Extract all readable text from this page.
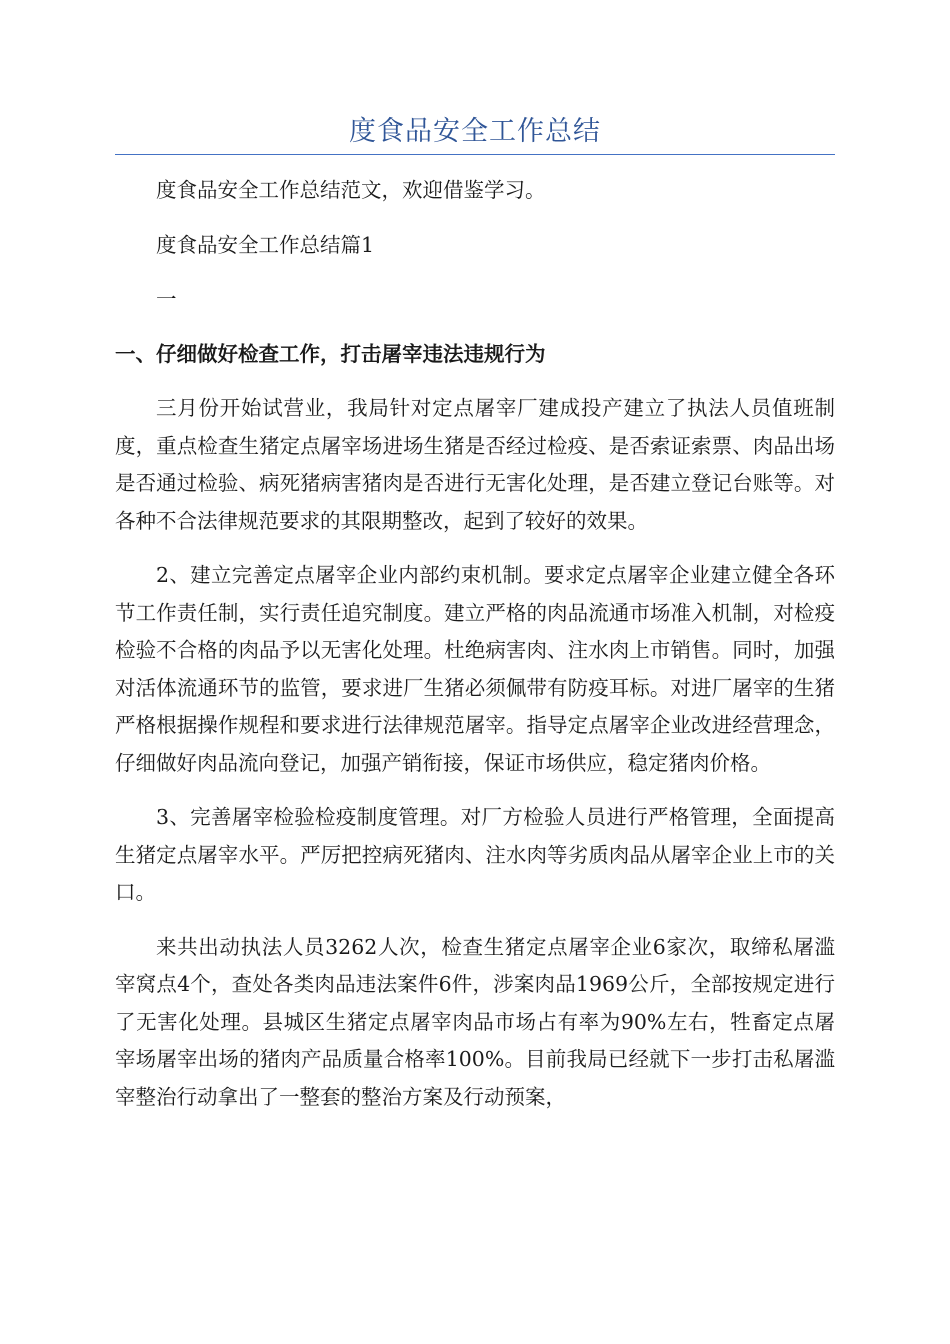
度食品安全工作总结

度食品安全工作总结范文，欢迎借鉴学习。

度食品安全工作总结篇1

一

一、仔细做好检查工作，打击屠宰违法违规行为

三月份开始试营业，我局针对定点屠宰厂建成投产建立了执法人员值班制度，重点检查生猪定点屠宰场进场生猪是否经过检疫、是否索证索票、肉品出场是否通过检验、病死猪病害猪肉是否进行无害化处理，是否建立登记台账等。对各种不合法律规范要求的其限期整改，起到了较好的效果。

2、建立完善定点屠宰企业内部约束机制。要求定点屠宰企业建立健全各环节工作责任制，实行责任追究制度。建立严格的肉品流通市场准入机制，对检疫检验不合格的肉品予以无害化处理。杜绝病害肉、注水肉上市销售。同时，加强对活体流通环节的监管，要求进厂生猪必须佩带有防疫耳标。对进厂屠宰的生猪严格根据操作规程和要求进行法律规范屠宰。指导定点屠宰企业改进经营理念，仔细做好肉品流向登记，加强产销衔接，保证市场供应，稳定猪肉价格。

3、完善屠宰检验检疫制度管理。对厂方检验人员进行严格管理，全面提高生猪定点屠宰水平。严厉把控病死猪肉、注水肉等劣质肉品从屠宰企业上市的关口。

来共出动执法人员3262人次，检查生猪定点屠宰企业6家次，取缔私屠滥宰窝点4个，查处各类肉品违法案件6件，涉案肉品1969公斤，全部按规定进行了无害化处理。县城区生猪定点屠宰肉品市场占有率为90%左右，牲畜定点屠宰场屠宰出场的猪肉产品质量合格率100%。目前我局已经就下一步打击私屠滥宰整治行动拿出了一整套的整治方案及行动预案，
